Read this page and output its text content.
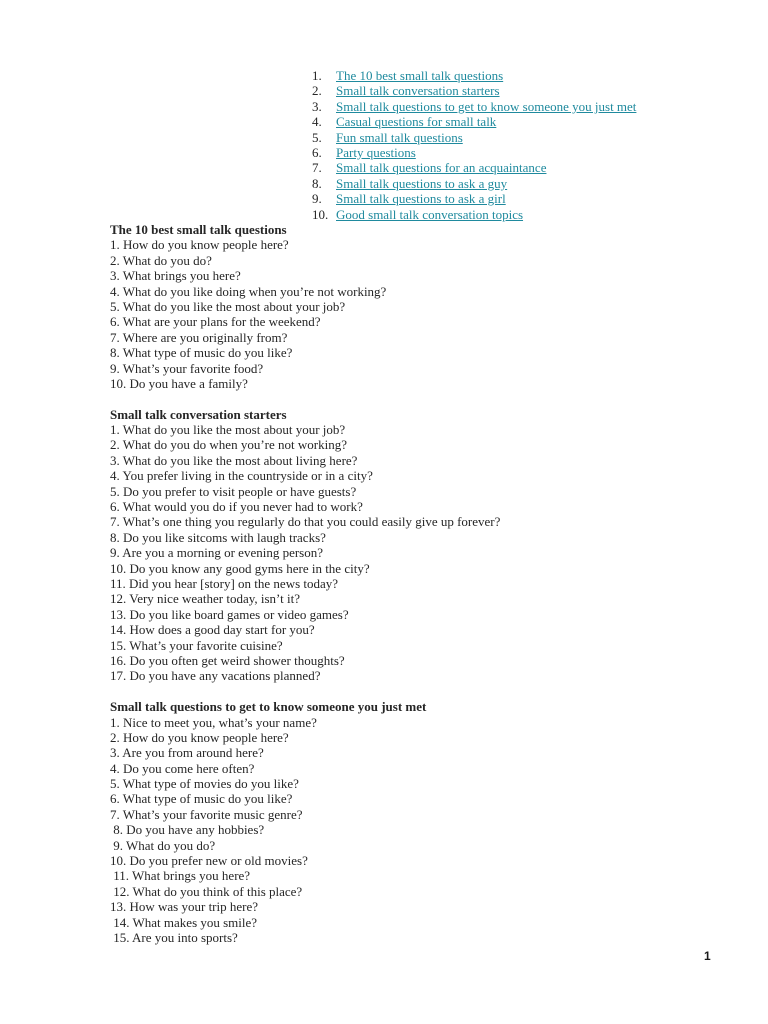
1.	The 10 best small talk questions
2.	Small talk conversation starters
3.	Small talk questions to get to know someone you just met
4.	Casual questions for small talk
5.	Fun small talk questions
6.	Party questions
7.	Small talk questions for an acquaintance
8.	Small talk questions to ask a guy
9.	Small talk questions to ask a girl
10. Good small talk conversation topics
The 10 best small talk questions
1. How do you know people here?
2. What do you do?
3. What brings you here?
4. What do you like doing when you’re not working?
5. What do you like the most about your job?
6. What are your plans for the weekend?
7. Where are you originally from?
8. What type of music do you like?
9. What’s your favorite food?
10. Do you have a family?
Small talk conversation starters
1. What do you like the most about your job?
2. What do you do when you’re not working?
3. What do you like the most about living here?
4. You prefer living in the countryside or in a city?
5. Do you prefer to visit people or have guests?
6. What would you do if you never had to work?
7. What’s one thing you regularly do that you could easily give up forever?
8. Do you like sitcoms with laugh tracks?
9. Are you a morning or evening person?
10. Do you know any good gyms here in the city?
11. Did you hear [story] on the news today?
12. Very nice weather today, isn’t it?
13. Do you like board games or video games?
14. How does a good day start for you?
15. What’s your favorite cuisine?
16. Do you often get weird shower thoughts?
17. Do you have any vacations planned?
Small talk questions to get to know someone you just met
1. Nice to meet you, what’s your name?
2. How do you know people here?
3. Are you from around here?
4. Do you come here often?
5. What type of movies do you like?
6. What type of music do you like?
7. What’s your favorite music genre?
8. Do you have any hobbies?
9. What do you do?
10. Do you prefer new or old movies?
11. What brings you here?
12. What do you think of this place?
13. How was your trip here?
14. What makes you smile?
15. Are you into sports?
1
